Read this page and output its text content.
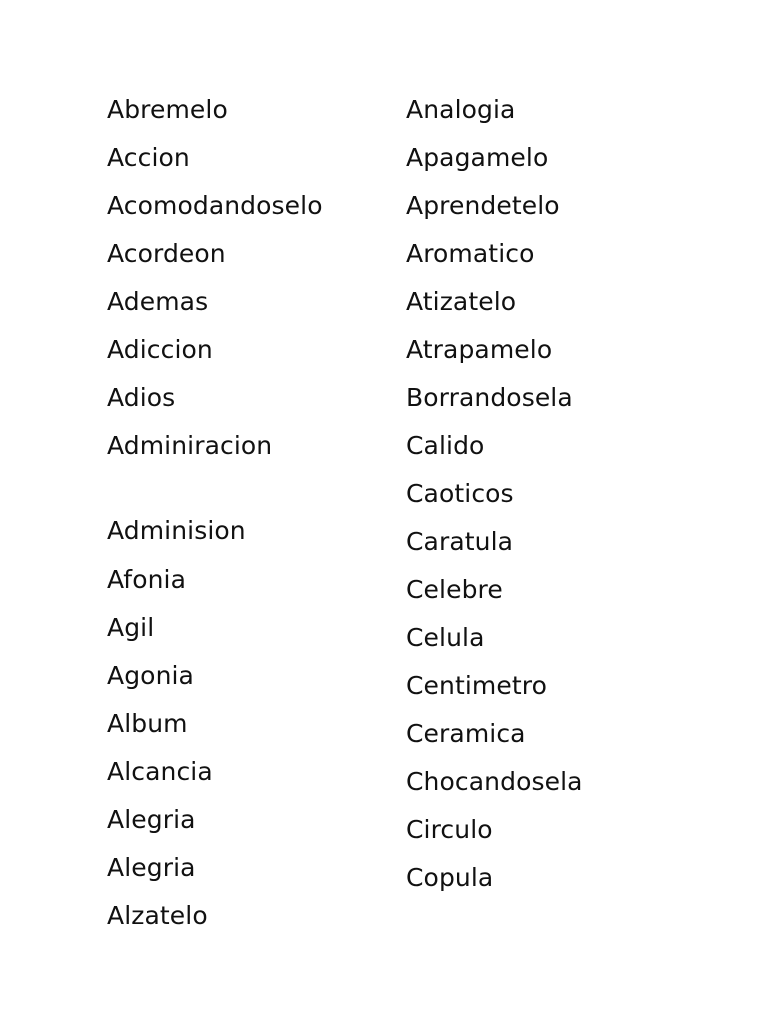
Abremelo

Accion

Acomodandoselo

Acordeon

Ademas

Adiccion

Adios

Adminiracion

Adminision

Afonia

Agil

Agonia

Album

Alcancia

Alegria

Alegria

Alzatelo

Analogia

Apagamelo

Aprendetelo

Aromatico

Atizatelo

Atrapamelo

Borrandosela

Calido

Caoticos

Caratula

Celebre

Celula

Centimetro

Ceramica

Chocandosela

Circulo

Copula
